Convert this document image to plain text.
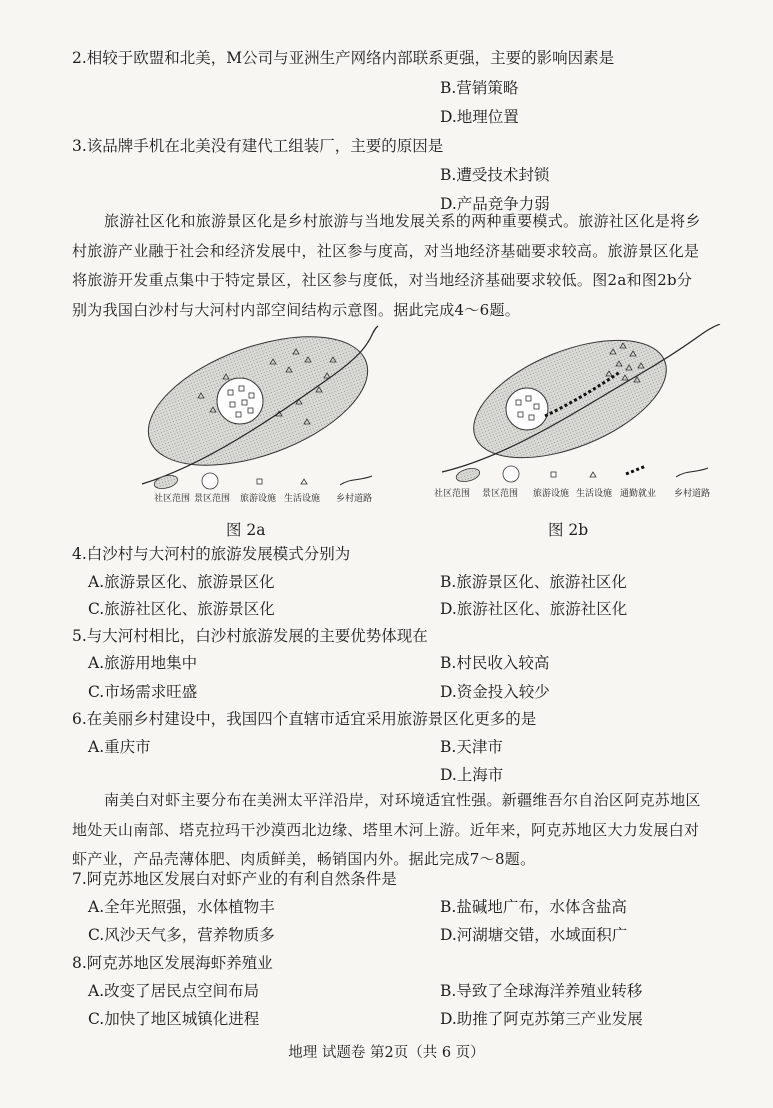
2.相较于欧盟和北美，M公司与亚洲生产网络内部联系更强，主要的影响因素是
B.营销策略
D.地理位置
3.该品牌手机在北美没有建代工组装厂，主要的原因是
B.遭受技术封锁
D.产品竞争力弱
旅游社区化和旅游景区化是乡村旅游与当地发展关系的两种重要模式。旅游社区化是将乡村旅游产业融于社会和经济发展中，社区参与度高，对当地经济基础要求较高。旅游景区化是将旅游开发重点集中于特定景区，社区参与度低，对当地经济基础要求较低。图2a和图2b分别为我国白沙村与大河村内部空间结构示意图。据此完成4～6题。
社区范围 景区范围 旅游设施 生活设施 乡村道路
图 2a
社区范围 景区范围 旅游设施 生活设施 通勤就业 乡村道路
图 2b
4.白沙村与大河村的旅游发展模式分别为
A.旅游景区化、旅游景区化	B.旅游景区化、旅游社区化
C.旅游社区化、旅游景区化	D.旅游社区化、旅游社区化
5.与大河村相比，白沙村旅游发展的主要优势体现在
A.旅游用地集中	B.村民收入较高
C.市场需求旺盛	D.资金投入较少
6.在美丽乡村建设中，我国四个直辖市适宜采用旅游景区化更多的是
A.重庆市	B.天津市
D.上海市
南美白对虾主要分布在美洲太平洋沿岸，对环境适宜性强。新疆维吾尔自治区阿克苏地区地处天山南部、塔克拉玛干沙漠西北边缘、塔里木河上游。近年来，阿克苏地区大力发展白对虾产业，产品壳薄体肥、肉质鲜美，畅销国内外。据此完成7～8题。
7.阿克苏地区发展白对虾产业的有利自然条件是
A.全年光照强，水体植物丰	B.盐碱地广布，水体含盐高
C.风沙天气多，营养物质多	D.河湖塘交错，水域面积广
8.阿克苏地区发展海虾养殖业
A.改变了居民点空间布局	B.导致了全球海洋养殖业转移
C.加快了地区城镇化进程	D.助推了阿克苏第三产业发展
地理 试题卷 第2页（共 6 页）
